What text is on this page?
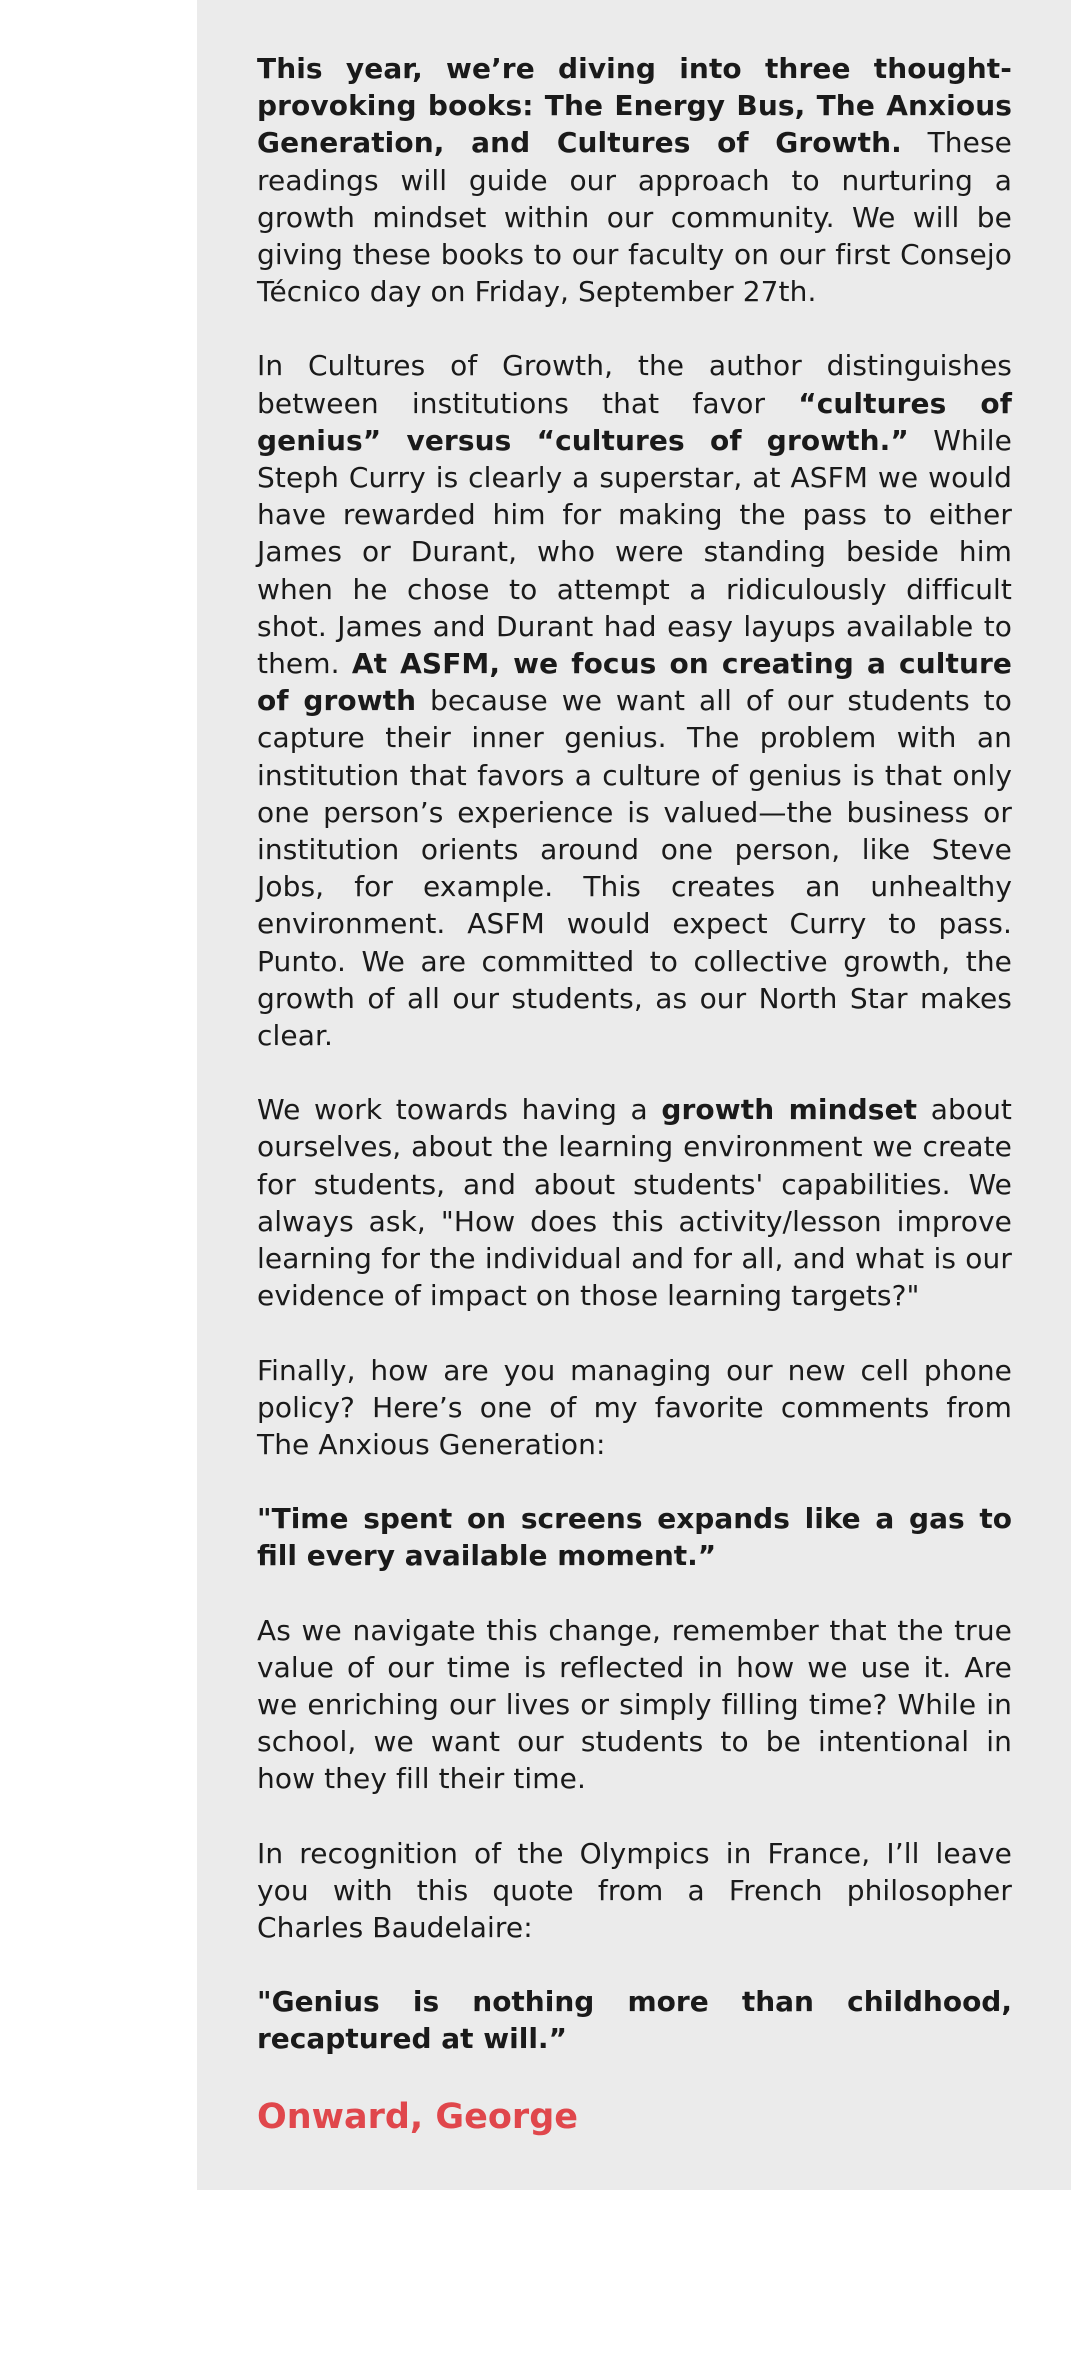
This year, we’re diving into three thought-provoking books: The Energy Bus, The Anxious Generation, and Cultures of Growth. These readings will guide our approach to nurturing a growth mindset within our community. We will be giving these books to our faculty on our first Consejo Técnico day on Friday, September 27th.

In Cultures of Growth, the author distinguishes between institutions that favor “cultures of genius” versus “cultures of growth.” While Steph Curry is clearly a superstar, at ASFM we would have rewarded him for making the pass to either James or Durant, who were standing beside him when he chose to attempt a ridiculously difficult shot. James and Durant had easy layups available to them. At ASFM, we focus on creating a culture of growth because we want all of our students to capture their inner genius. The problem with an institution that favors a culture of genius is that only one person’s experience is valued—the business or institution orients around one person, like Steve Jobs, for example. This creates an unhealthy environment. ASFM would expect Curry to pass. Punto. We are committed to collective growth, the growth of all our students, as our North Star makes clear.

We work towards having a growth mindset about ourselves, about the learning environment we create for students, and about students' capabilities. We always ask, "How does this activity/lesson improve learning for the individual and for all, and what is our evidence of impact on those learning targets?"

Finally, how are you managing our new cell phone policy? Here’s one of my favorite comments from The Anxious Generation:

"Time spent on screens expands like a gas to fill every available moment.”

As we navigate this change, remember that the true value of our time is reflected in how we use it. Are we enriching our lives or simply filling time? While in school, we want our students to be intentional in how they fill their time.

In recognition of the Olympics in France, I’ll leave you with this quote from a French philosopher Charles Baudelaire:

"Genius is nothing more than childhood, recaptured at will.”

Onward, George
